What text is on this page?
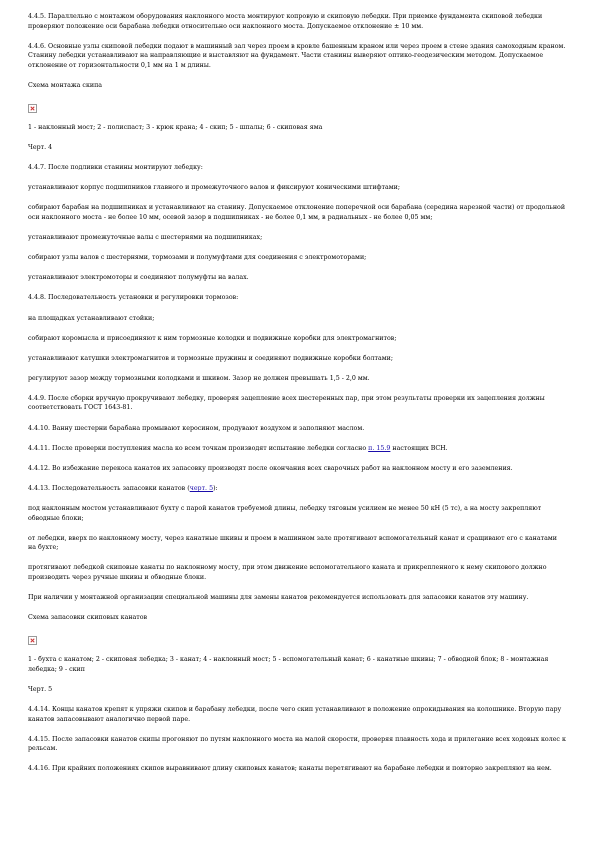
4.4.5. Параллельно с монтажом оборудования наклонного моста монтируют копровую и скиповую лебедки. При приемке фундамента скиповой лебедки проверяют положение оси барабана лебедки относительно оси наклонного моста. Допускаемое отклонение ± 10 мм.

4.4.6. Основные узлы скиповой лебедки подают в машинный зал через проем в кровле башенным краном или через проем в стене здания самоходным краном. Станину лебедки устанавливают на направляющие и выставляют на фундамент. Части станины выверяют оптико-геодезическим методом. Допускаемое отклонение от горизонтальности 0,1 мм на 1 м длины.

Схема монтажа скипа

1 - наклонный мост; 2 - полиспаст; 3 - крюк крана; 4 - скип; 5 - шпалы; 6 - скиповая яма

Черт. 4

4.4.7. После подливки станины монтируют лебедку:

устанавливают корпус подшипников главного и промежуточного валов и фиксируют коническими штифтами;

собирают барабан на подшипниках и устанавливают на станину. Допускаемое отклонение поперечной оси барабана (середина нарезной части) от продольной оси наклонного моста - не более 10 мм, осевой зазор в подшипниках - не более 0,1 мм, в радиальных - не более 0,05 мм;

устанавливают промежуточные валы с шестернями на подшипниках;

собирают узлы валов с шестернями, тормозами и полумуфтами для соединения с электромоторами;

устанавливают электромоторы и соединяют полумуфты на валах.

4.4.8. Последовательность установки и регулировки тормозов:

на площадках устанавливают стойки;

собирают коромысла и присоединяют к ним тормозные колодки и подвижные коробки для электромагнитов;

устанавливают катушки электромагнитов и тормозные пружины и соединяют подвижные коробки болтами;

регулируют зазор между тормозными колодками и шкивом. Зазор не должен превышать 1,5 - 2,0 мм.

4.4.9. После сборки вручную прокручивают лебедку, проверяя зацепление всех шестеренных пар, при этом результаты проверки их зацепления должны соответствовать ГОСТ 1643-81.

4.4.10. Ванну шестерни барабана промывают керосином, продувают воздухом и заполняют маслом.

4.4.11. После проверки поступления масла ко всем точкам производят испытание лебедки согласно п. 15.9 настоящих ВСН.

4.4.12. Во избежание перекоса канатов их запасовку производят после окончания всех сварочных работ на наклонном мосту и его заземления.

4.4.13. Последовательность запасовки канатов (черт. 5):

под наклонным мостом устанавливают бухту с парой канатов требуемой длины, лебедку тяговым усилием не менее 50 кН (5 тс), а на мосту закрепляют обводные блоки;

от лебедки, вверх по наклонному мосту, через канатные шкивы и проем в машинном зале протягивают вспомогательный канат и сращивают его с канатами на бухте;

протягивают лебедкой скиповые канаты по наклонному мосту, при этом движение вспомогательного каната и прикрепленного к нему скипового должно производить через ручные шкивы и обводные блоки.

При наличии у монтажной организации специальной машины для замены канатов рекомендуется использовать для запасовки канатов эту машину.

Схема запасовки скиповых канатов

1 - бухта с канатом; 2 - скиповая лебедка; 3 - канат; 4 - наклонный мост; 5 - вспомогательный канат; 6 - канатные шкивы; 7 - обводной блок; 8 - монтажная лебедка; 9 - скип

Черт. 5

4.4.14. Концы канатов крепят к упряжи скипов и барабану лебедки, после чего скип устанавливают в положение опрокидывания на колошнике. Вторую пару канатов запасовывают аналогично первой паре.

4.4.15. После запасовки канатов скипы прогоняют по путям наклонного моста на малой скорости, проверяя плавность хода и прилегание всех ходовых колес к рельсам.

4.4.16. При крайних положениях скипов выравнивают длину скиповых канатов; канаты перетягивают на барабане лебедки и повторно закрепляют на нем.
